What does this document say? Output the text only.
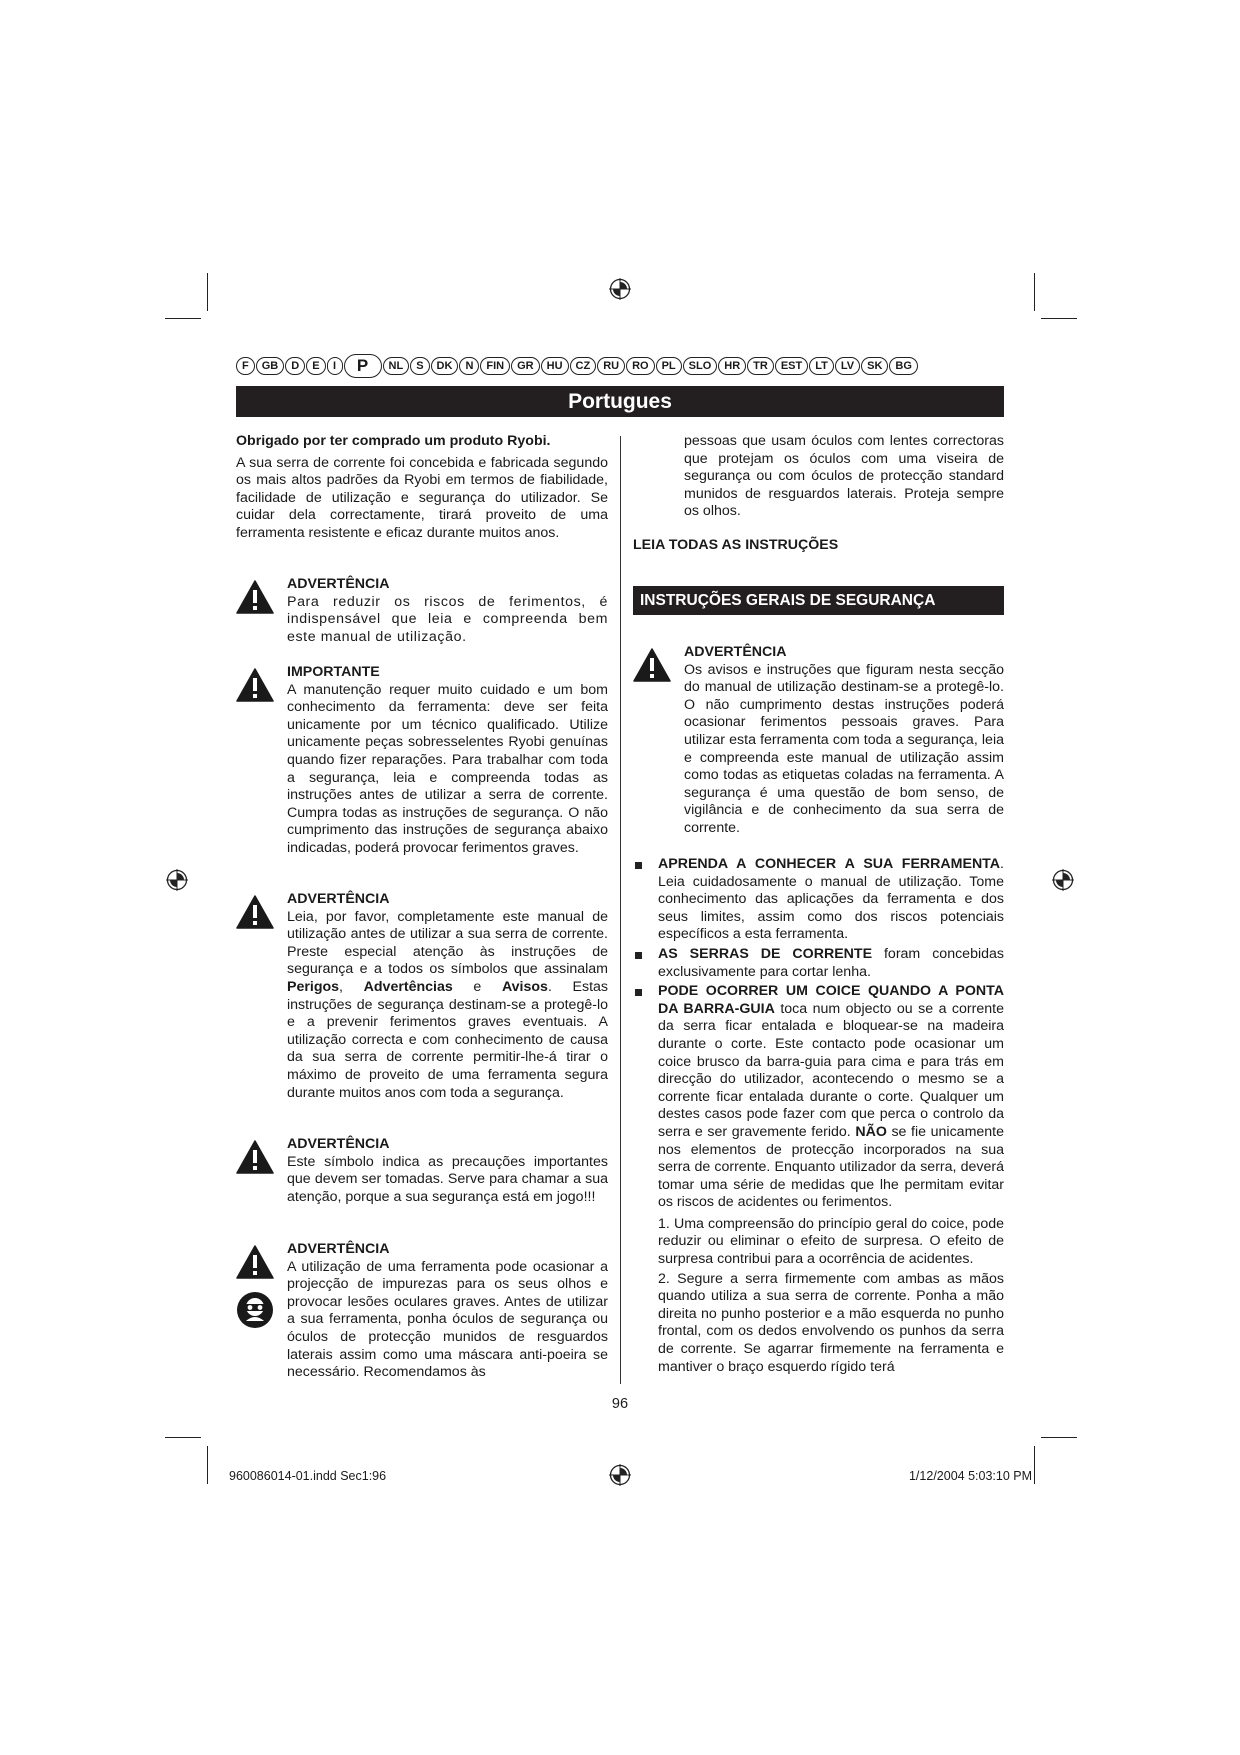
F	GB	D	E	I	P	NL	S	DK	N	FIN	GR	HU	CZ	RU	RO	PL	SLO	HR	TR	EST	LT	LV	SK	BG
Portugues

Obrigado por ter comprado um produto Ryobi.

A sua serra de corrente foi concebida e fabricada segundo os mais altos padrões da Ryobi em termos de fiabilidade, facilidade de utilização e segurança do utilizador. Se cuidar dela correctamente, tirará proveito de uma ferramenta resistente e eficaz durante muitos anos.

ADVERTÊNCIA
Para reduzir os riscos de ferimentos, é indispensável que leia e compreenda bem este manual de utilização.
IMPORTANTE
A manutenção requer muito cuidado e um bom conhecimento da ferramenta: deve ser feita unicamente por um técnico qualificado. Utilize unicamente peças sobresselentes Ryobi genuínas quando fizer reparações. Para trabalhar com toda a segurança, leia e compreenda todas as instruções antes de utilizar a serra de corrente. Cumpra todas as instruções de segurança. O não cumprimento das instruções de segurança abaixo indicadas, poderá provocar ferimentos graves.
ADVERTÊNCIA
Leia, por favor, completamente este manual de utilização antes de utilizar a sua serra de corrente. Preste especial atenção às instruções de segurança e a todos os símbolos que assinalam Perigos, Advertências e Avisos. Estas instruções de segurança destinam-se a protegê-lo e a prevenir ferimentos graves eventuais. A utilização correcta e com conhecimento de causa da sua serra de corrente permitir-lhe-á tirar o máximo de proveito de uma ferramenta segura durante muitos anos com toda a segurança.
ADVERTÊNCIA
Este símbolo indica as precauções importantes que devem ser tomadas. Serve para chamar a sua atenção, porque a sua segurança está em jogo!!!
ADVERTÊNCIA
A utilização de uma ferramenta pode ocasionar a projecção de impurezas para os seus olhos e provocar lesões oculares graves. Antes de utilizar a sua ferramenta, ponha óculos de segurança ou óculos de protecção munidos de resguardos laterais assim como uma máscara anti-poeira se necessário. Recomendamos às

pessoas que usam óculos com lentes correctoras que protejam os óculos com uma viseira de segurança ou com óculos de protecção standard munidos de resguardos laterais. Proteja sempre os olhos.

LEIA TODAS AS INSTRUÇÕES
INSTRUÇÕES GERAIS DE SEGURANÇA
ADVERTÊNCIA
Os avisos e instruções que figuram nesta secção do manual de utilização destinam-se a protegê-lo. O não cumprimento destas instruções poderá ocasionar ferimentos pessoais graves. Para utilizar esta ferramenta com toda a segurança, leia e compreenda este manual de utilização assim como todas as etiquetas coladas na ferramenta. A segurança é uma questão de bom senso, de vigilância e de conhecimento da sua serra de corrente.
APRENDA A CONHECER A SUA FERRAMENTA. Leia cuidadosamente o manual de utilização. Tome conhecimento das aplicações da ferramenta e dos seus limites, assim como dos riscos potenciais específicos a esta ferramenta.
AS SERRAS DE CORRENTE foram concebidas exclusivamente para cortar lenha.
PODE OCORRER UM COICE QUANDO A PONTA DA BARRA-GUIA toca num objecto ou se a corrente da serra ficar entalada e bloquear-se na madeira durante o corte. Este contacto pode ocasionar um coice brusco da barra-guia para cima e para trás em direcção do utilizador, acontecendo o mesmo se a corrente ficar entalada durante o corte. Qualquer um destes casos pode fazer com que perca o controlo da serra e ser gravemente ferido. NÃO se fie unicamente nos elementos de protecção incorporados na sua serra de corrente. Enquanto utilizador da serra, deverá tomar uma série de medidas que lhe permitam evitar os riscos de acidentes ou ferimentos.

1. Uma compreensão do princípio geral do coice, pode reduzir ou eliminar o efeito de surpresa. O efeito de surpresa contribui para a ocorrência de acidentes.

2. Segure a serra firmemente com ambas as mãos quando utiliza a sua serra de corrente. Ponha a mão direita no punho posterior e a mão esquerda no punho frontal, com os dedos envolvendo os punhos da serra de corrente. Se agarrar firmemente na ferramenta e mantiver o braço esquerdo rígido terá

96
960086014-01.indd Sec1:96	1/12/2004 5:03:10 PM
